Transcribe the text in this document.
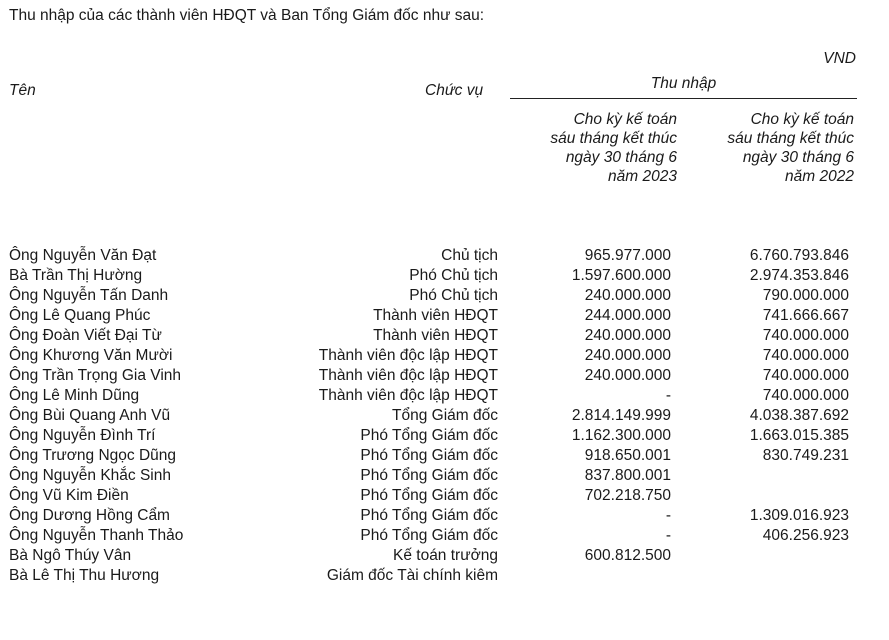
Thu nhập của các thành viên HĐQT và Ban Tổng Giám đốc như sau:
VND
Tên	Chức vụ	Thu nhập
Cho kỳ kế toán
sáu tháng kết thúc
ngày 30 tháng 6
năm 2023
Cho kỳ kế toán
sáu tháng kết thúc
ngày 30 tháng 6
năm 2022
Ông Nguyễn Văn Đạt	Chủ tịch	965.977.000	6.760.793.846
Bà Trần Thị Hường	Phó Chủ tịch	1.597.600.000	2.974.353.846
Ông Nguyễn Tấn Danh	Phó Chủ tịch	240.000.000	790.000.000
Ông Lê Quang Phúc	Thành viên HĐQT	244.000.000	741.666.667
Ông Đoàn Viết Đại Từ	Thành viên HĐQT	240.000.000	740.000.000
Ông Khương Văn Mười	Thành viên độc lập HĐQT	240.000.000	740.000.000
Ông Trần Trọng Gia Vinh	Thành viên độc lập HĐQT	240.000.000	740.000.000
Ông Lê Minh Dũng	Thành viên độc lập HĐQT	-	740.000.000
Ông Bùi Quang Anh Vũ	Tổng Giám đốc	2.814.149.999	4.038.387.692
Ông Nguyễn Đình Trí	Phó Tổng Giám đốc	1.162.300.000	1.663.015.385
Ông Trương Ngọc Dũng	Phó Tổng Giám đốc	918.650.001	830.749.231
Ông Nguyễn Khắc Sinh	Phó Tổng Giám đốc	837.800.001
Ông Vũ Kim Điền	Phó Tổng Giám đốc	702.218.750
Ông Dương Hồng Cẩm	Phó Tổng Giám đốc	-	1.309.016.923
Ông Nguyễn Thanh Thảo	Phó Tổng Giám đốc	-	406.256.923
Bà Ngô Thúy Vân	Kế toán trưởng	600.812.500
Bà Lê Thị Thu Hương	Giám đốc Tài chính kiêm
